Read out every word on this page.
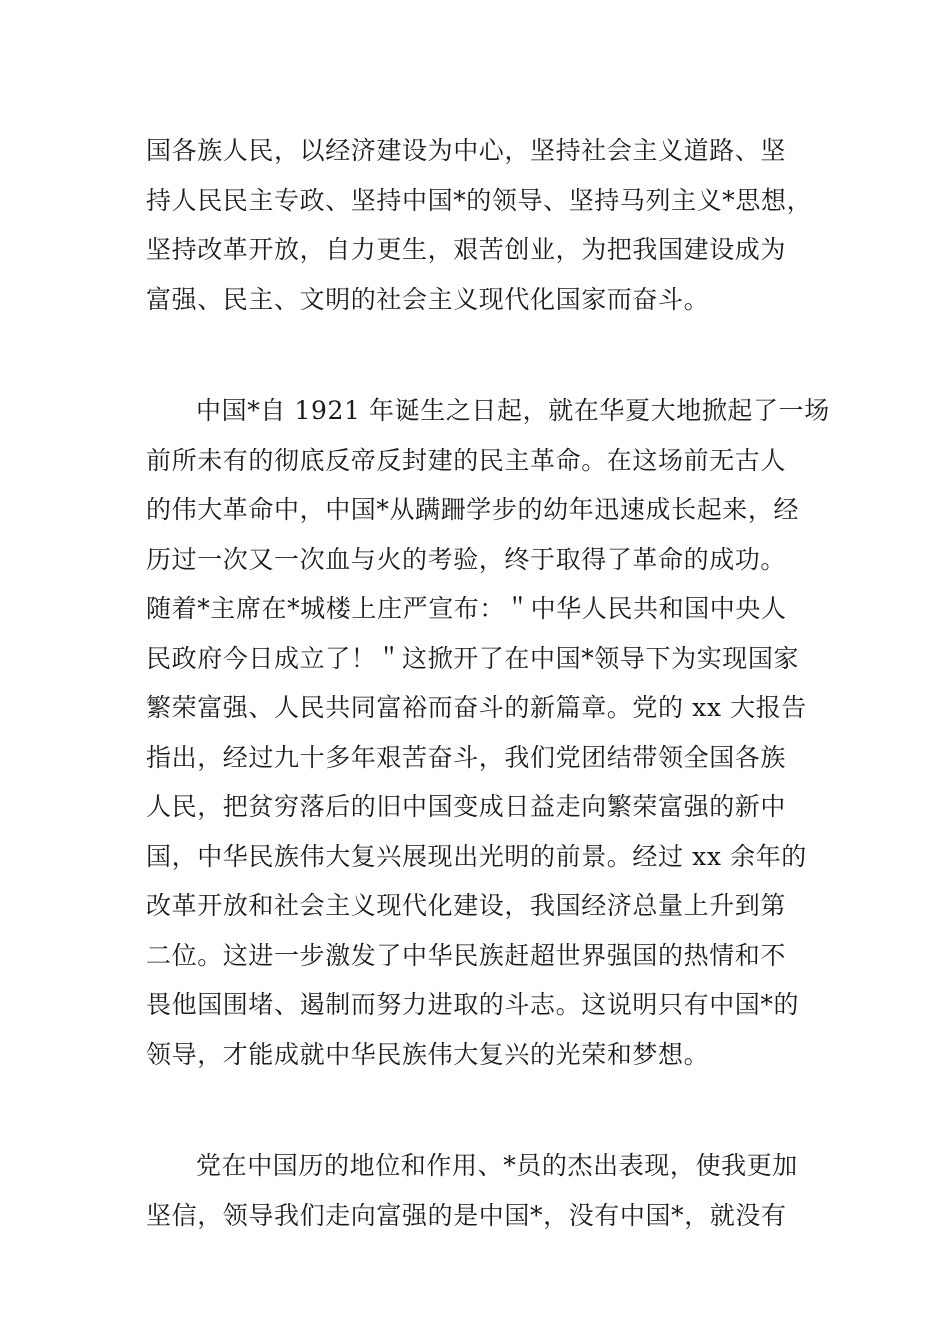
国各族人民，以经济建设为中心，坚持社会主义道路、坚
持人民民主专政、坚持中国*的领导、坚持马列主义*思想，
坚持改革开放，自力更生，艰苦创业，为把我国建设成为
富强、民主、文明的社会主义现代化国家而奋斗。
中国*自 1921 年诞生之日起，就在华夏大地掀起了一场
前所未有的彻底反帝反封建的民主革命。在这场前无古人
的伟大革命中，中国*从蹒跚学步的幼年迅速成长起来，经
历过一次又一次血与火的考验，终于取得了革命的成功。
随着*主席在*城楼上庄严宣布：＂中华人民共和国中央人
民政府今日成立了！＂这掀开了在中国*领导下为实现国家
繁荣富强、人民共同富裕而奋斗的新篇章。党的 xx 大报告
指出，经过九十多年艰苦奋斗，我们党团结带领全国各族
人民，把贫穷落后的旧中国变成日益走向繁荣富强的新中
国，中华民族伟大复兴展现出光明的前景。经过 xx 余年的
改革开放和社会主义现代化建设，我国经济总量上升到第
二位。这进一步激发了中华民族赶超世界强国的热情和不
畏他国围堵、遏制而努力进取的斗志。这说明只有中国*的
领导，才能成就中华民族伟大复兴的光荣和梦想。
党在中国历的地位和作用、*员的杰出表现，使我更加
坚信，领导我们走向富强的是中国*，没有中国*，就没有
